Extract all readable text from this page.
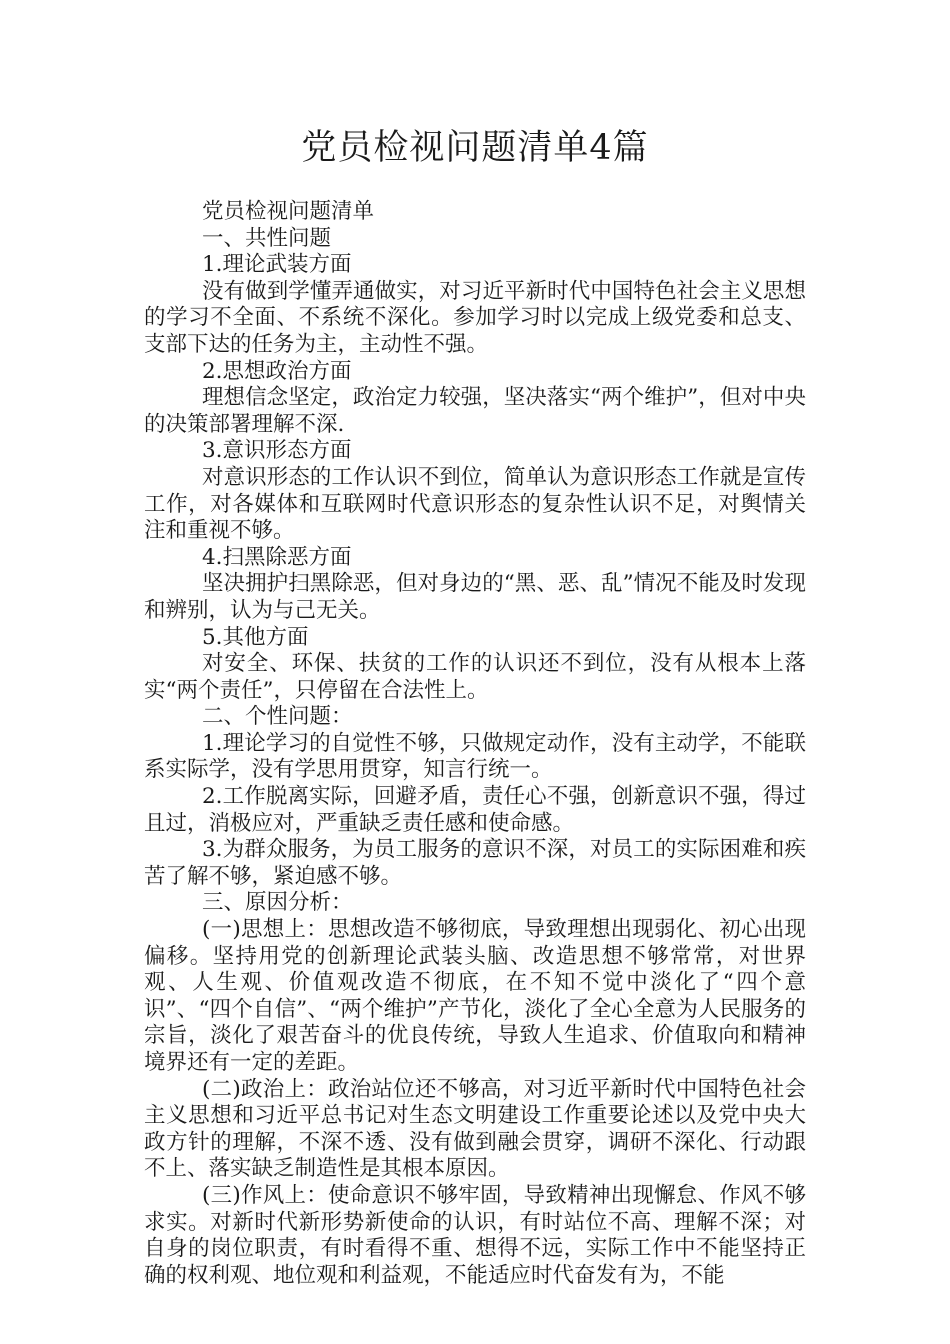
党员检视问题清单4篇

党员检视问题清单

一、共性问题

1.理论武装方面

没有做到学懂弄通做实，对习近平新时代中国特色社会主义思想的学习不全面、不系统不深化。参加学习时以完成上级党委和总支、支部下达的任务为主，主动性不强。

2.思想政治方面

理想信念坚定，政治定力较强，坚决落实“两个维护”，但对中央的决策部署理解不深.

3.意识形态方面

对意识形态的工作认识不到位，简单认为意识形态工作就是宣传工作，对各媒体和互联网时代意识形态的复杂性认识不足，对舆情关注和重视不够。

4.扫黑除恶方面

坚决拥护扫黑除恶，但对身边的“黑、恶、乱”情况不能及时发现和辨别，认为与己无关。

5.其他方面

对安全、环保、扶贫的工作的认识还不到位，没有从根本上落实“两个责任”，只停留在合法性上。

二、个性问题：

1.理论学习的自觉性不够，只做规定动作，没有主动学，不能联系实际学，没有学思用贯穿，知言行统一。

2.工作脱离实际，回避矛盾，责任心不强，创新意识不强，得过且过，消极应对，严重缺乏责任感和使命感。

3.为群众服务，为员工服务的意识不深，对员工的实际困难和疾苦了解不够，紧迫感不够。

三、原因分析：

(一)思想上：思想改造不够彻底，导致理想出现弱化、初心出现偏移。坚持用党的创新理论武装头脑、改造思想不够常常，对世界观、人生观、价值观改造不彻底，在不知不觉中淡化了“四个意识”、“四个自信”、“两个维护”产节化，淡化了全心全意为人民服务的宗旨，淡化了艰苦奋斗的优良传统，导致人生追求、价值取向和精神境界还有一定的差距。

(二)政治上：政治站位还不够高，对习近平新时代中国特色社会主义思想和习近平总书记对生态文明建设工作重要论述以及党中央大政方针的理解，不深不透、没有做到融会贯穿，调研不深化、行动跟不上、落实缺乏制造性是其根本原因。

(三)作风上：使命意识不够牢固，导致精神出现懈怠、作风不够求实。对新时代新形势新使命的认识，有时站位不高、理解不深；对自身的岗位职责，有时看得不重、想得不远，实际工作中不能坚持正确的权利观、地位观和利益观，不能适应时代奋发有为，不能
